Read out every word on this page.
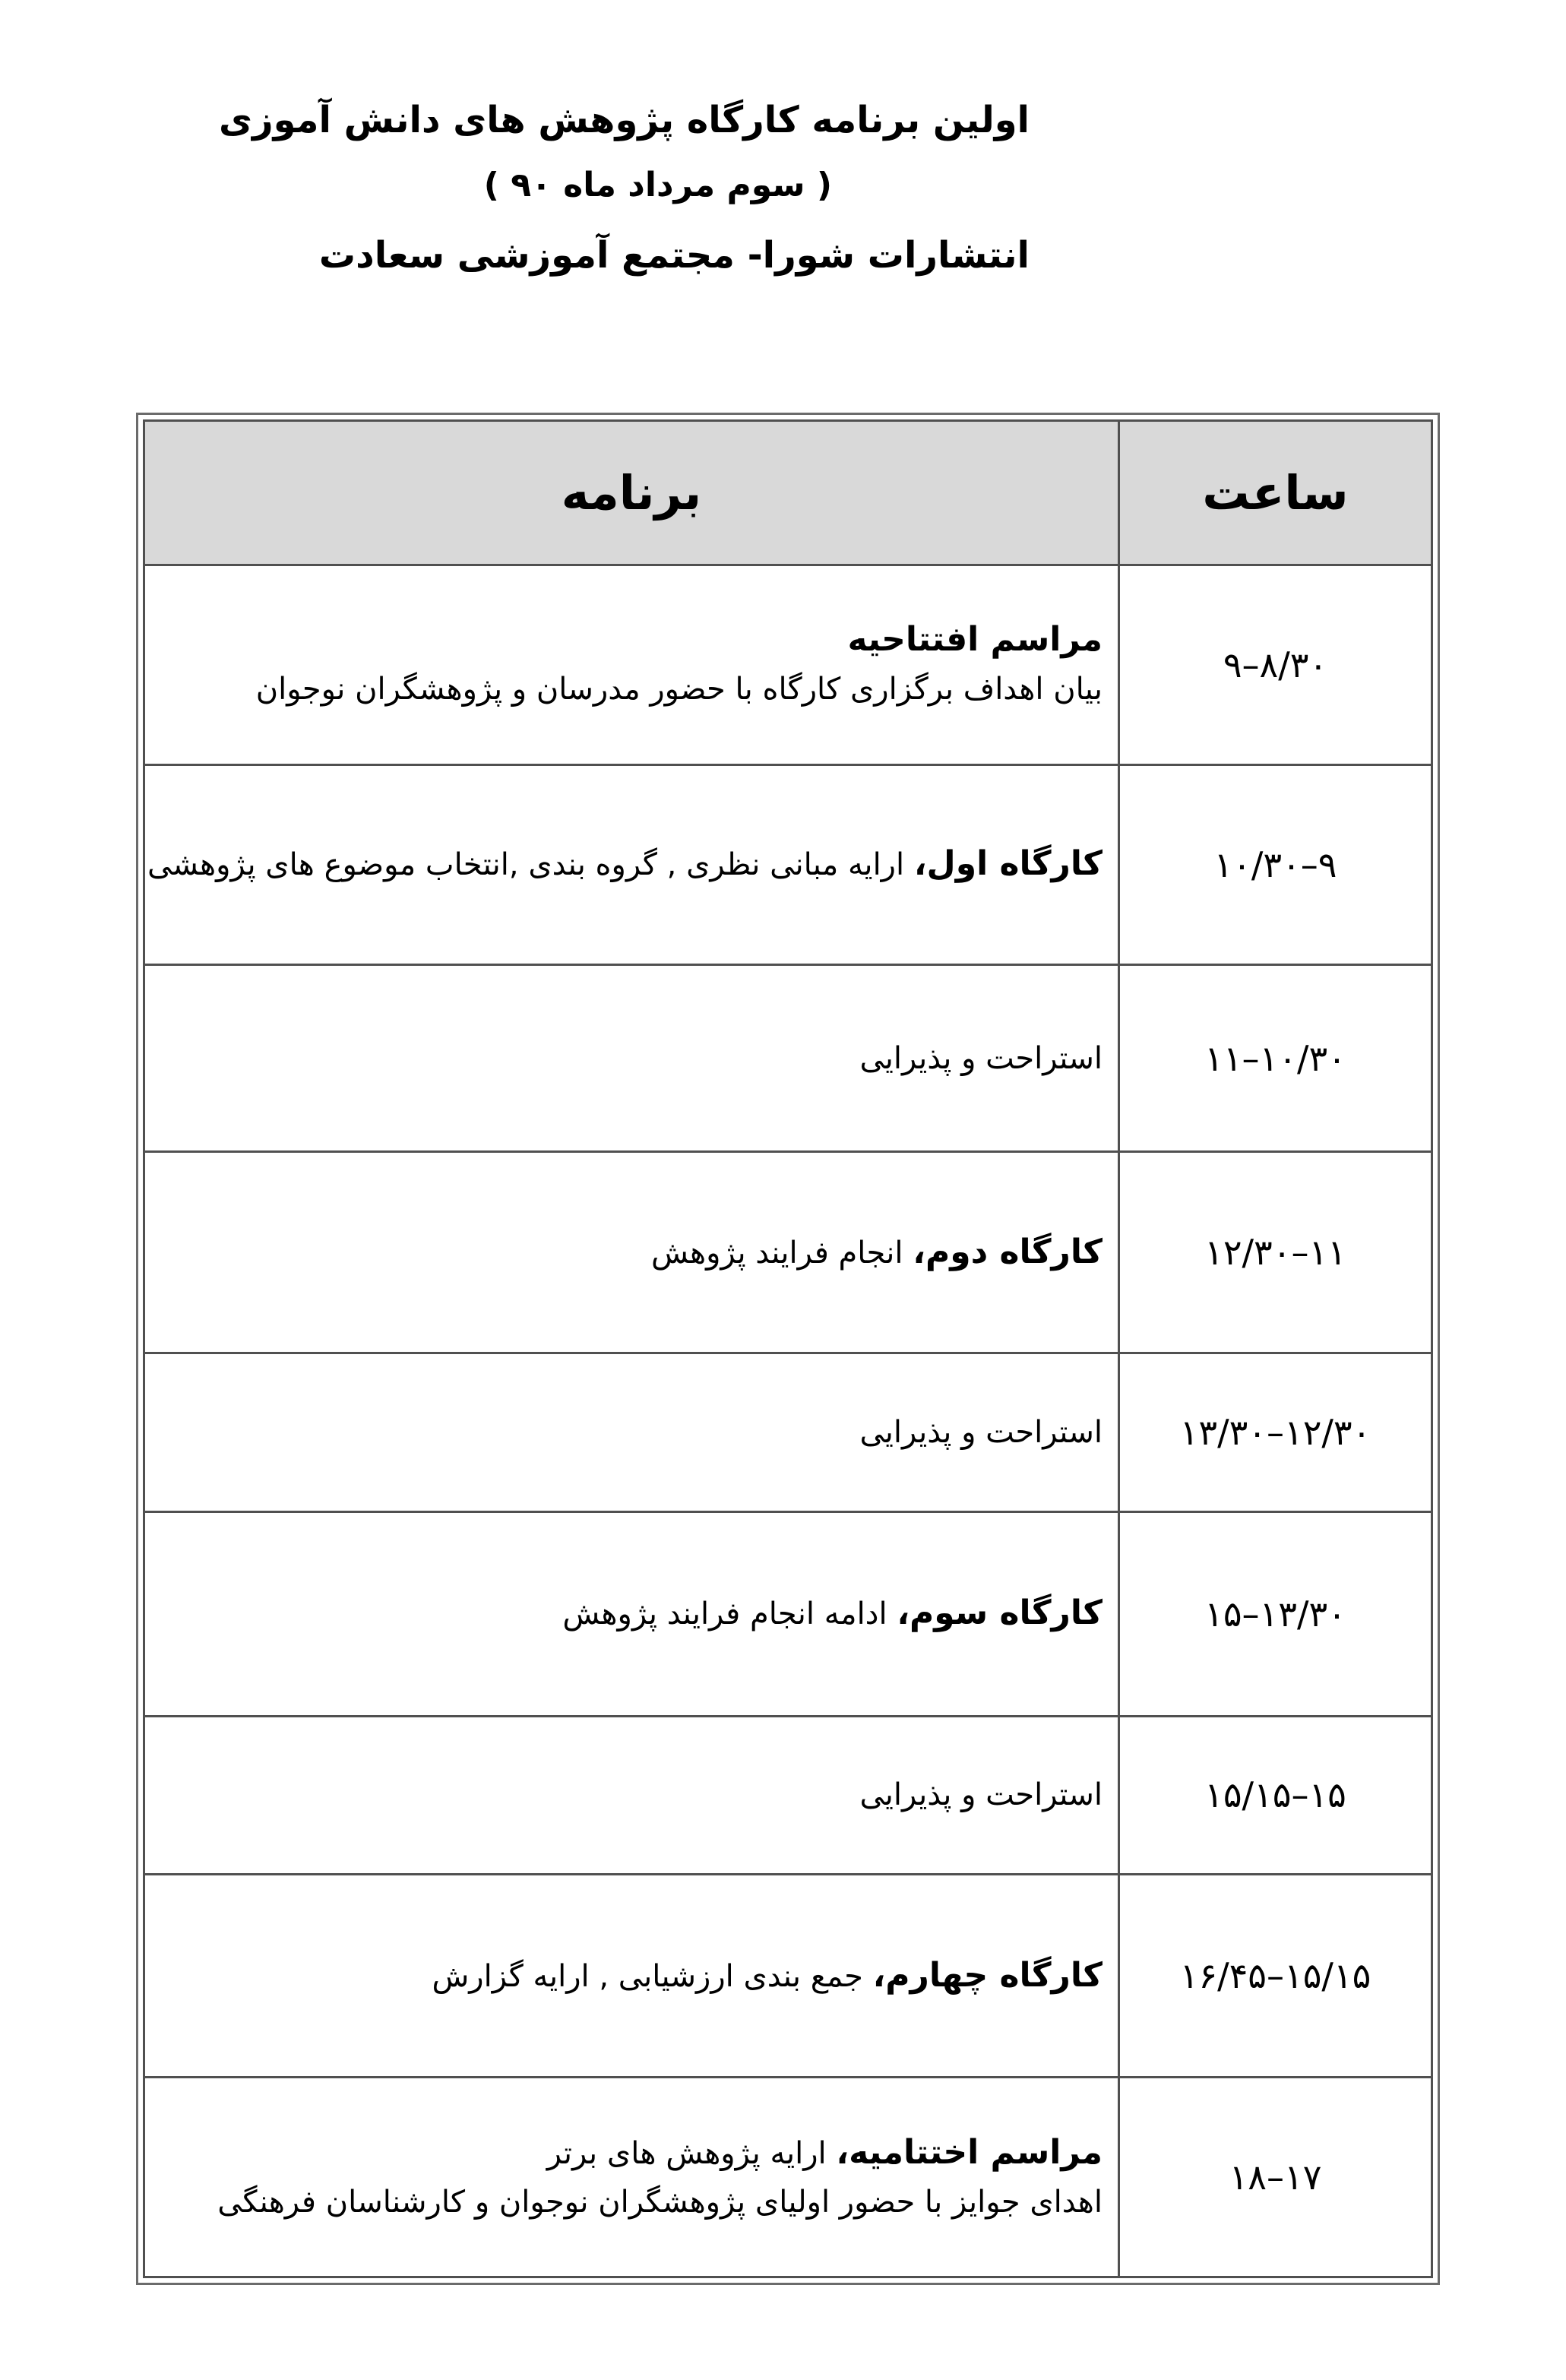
اولین برنامه کارگاه پژوهش های دانش آموزی
( سوم مرداد ماه ۹۰ )
انتشارات شورا- مجتمع آموزشی سعادت
ساعت	برنامه
۸/۳۰–۹	مراسم افتتاحیه
بیان اهداف برگزاری کارگاه با حضور مدرسان و پژوهشگران نوجوان

۹–۱۰/۳۰	کارگاه اول، ارایه مبانی نظری , گروه بندی ,انتخاب موضوع های پژوهشی

۱۰/۳۰–۱۱	استراحت و پذیرایی

۱۱–۱۲/۳۰	کارگاه دوم، انجام فرایند پژوهش

۱۲/۳۰–۱۳/۳۰	استراحت و پذیرایی

۱۳/۳۰–۱۵	کارگاه سوم، ادامه انجام فرایند پژوهش

۱۵–۱۵/۱۵	استراحت و پذیرایی

۱۵/۱۵–۱۶/۴۵	کارگاه چهارم، جمع بندی ارزشیابی , ارایه گزارش

۱۷–۱۸	مراسم اختتامیه، ارایه پژوهش های برتر
اهدای جوایز با حضور اولیای پژوهشگران نوجوان و کارشناسان فرهنگی
